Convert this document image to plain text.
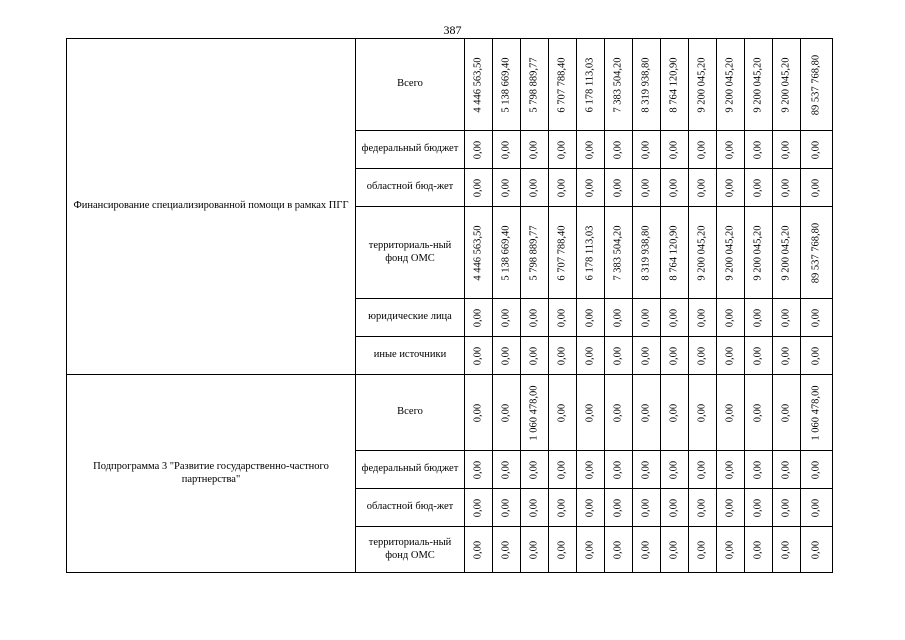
387
Финансирование специализированной помощи в рамках ПГГ	Всего	4 446 563,50	5 138 669,40	5 798 889,77	6 707 788,40	6 178 113,03	7 383 504,20	8 319 938,80	8 764 120,90	9 200 045,20	9 200 045,20	9 200 045,20	9 200 045,20	89 537 768,80

	федеральный бюджет	0,00	0,00	0,00	0,00	0,00	0,00	0,00	0,00	0,00	0,00	0,00	0,00	0,00

	областной бюд-жет	0,00	0,00	0,00	0,00	0,00	0,00	0,00	0,00	0,00	0,00	0,00	0,00	0,00

	территориаль-ный фонд ОМС	4 446 563,50	5 138 669,40	5 798 889,77	6 707 788,40	6 178 113,03	7 383 504,20	8 319 938,80	8 764 120,90	9 200 045,20	9 200 045,20	9 200 045,20	9 200 045,20	89 537 768,80

	юридические лица	0,00	0,00	0,00	0,00	0,00	0,00	0,00	0,00	0,00	0,00	0,00	0,00	0,00

	иные источники	0,00	0,00	0,00	0,00	0,00	0,00	0,00	0,00	0,00	0,00	0,00	0,00	0,00

Подпрограмма 3 "Развитие государственно-частного партнерства"	Всего	0,00	0,00	1 060 478,00	0,00	0,00	0,00	0,00	0,00	0,00	0,00	0,00	0,00	1 060 478,00

	федеральный бюджет	0,00	0,00	0,00	0,00	0,00	0,00	0,00	0,00	0,00	0,00	0,00	0,00	0,00

	областной бюд-жет	0,00	0,00	0,00	0,00	0,00	0,00	0,00	0,00	0,00	0,00	0,00	0,00	0,00

	территориаль-ный фонд ОМС	0,00	0,00	0,00	0,00	0,00	0,00	0,00	0,00	0,00	0,00	0,00	0,00	0,00
